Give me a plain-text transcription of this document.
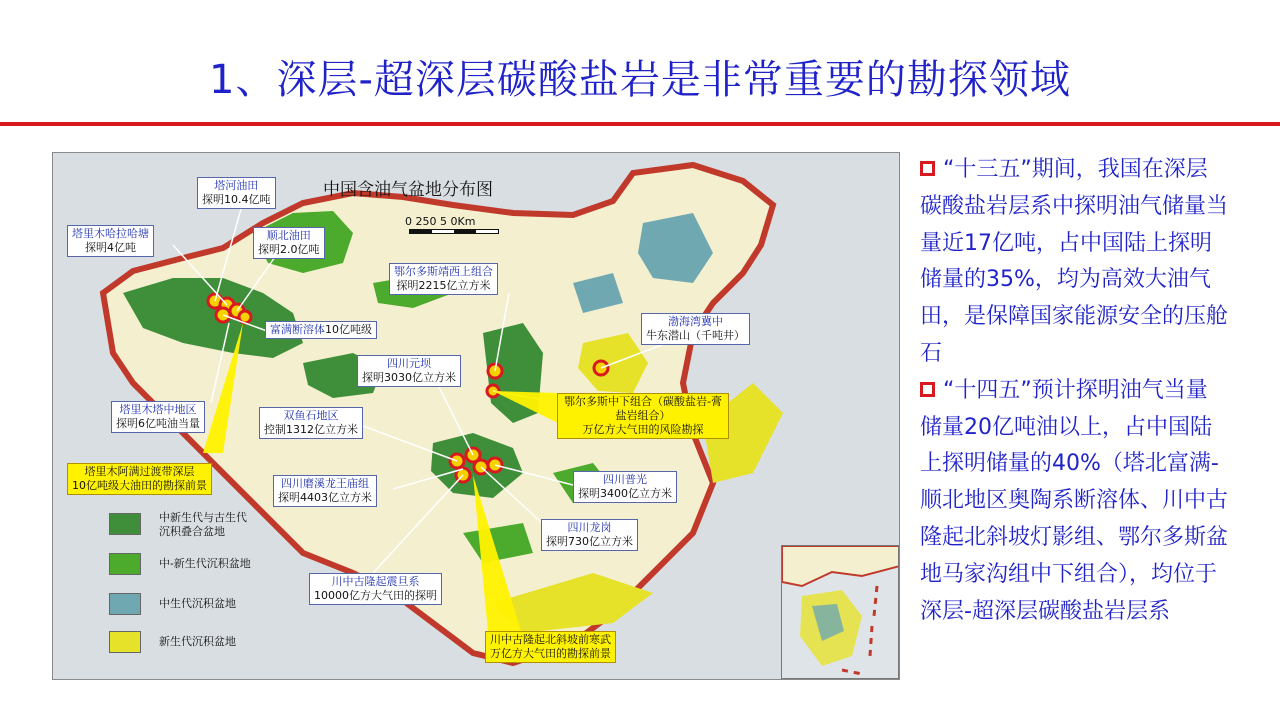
1、深层-超深层碳酸盐岩是非常重要的勘探领域
中国含油气盆地分布图
0 250 5 0Km
塔河油田
探明10.4亿吨
塔里木哈拉哈塘
探明4亿吨
顺北油田
探明2.0亿吨
富满断溶体10亿吨级
塔里木塔中地区
探明6亿吨油当量
塔里木阿满过渡带深层
10亿吨级大油田的勘探前景
鄂尔多斯靖西上组合
探明2215亿立方米
四川元坝
探明3030亿立方米
鄂尔多斯中下组合（碳酸盐岩-膏盐岩组合）
万亿方大气田的风险勘探
渤海湾冀中
牛东潜山（千吨井）
双鱼石地区
控制1312亿立方米
四川磨溪龙王庙组
探明4403亿立方米
四川普光
探明3400亿立方米
四川龙岗
探明730亿立方米
川中古隆起震旦系
10000亿方大气田的探明
川中古隆起北斜坡前寒武
万亿方大气田的勘探前景
中新生代与古生代
沉积叠合盆地
中-新生代沉积盆地
中生代沉积盆地
新生代沉积盆地

“十三五”期间，我国在深层碳酸盐岩层系中探明油气储量当量近17亿吨，占中国陆上探明储量的35%，均为高效大油气田，是保障国家能源安全的压舱石

“十四五”预计探明油气当量储量20亿吨油以上，占中国陆上探明储量的40%（塔北富满-顺北地区奥陶系断溶体、川中古隆起北斜坡灯影组、鄂尔多斯盆地马家沟组中下组合），均位于深层-超深层碳酸盐岩层系
